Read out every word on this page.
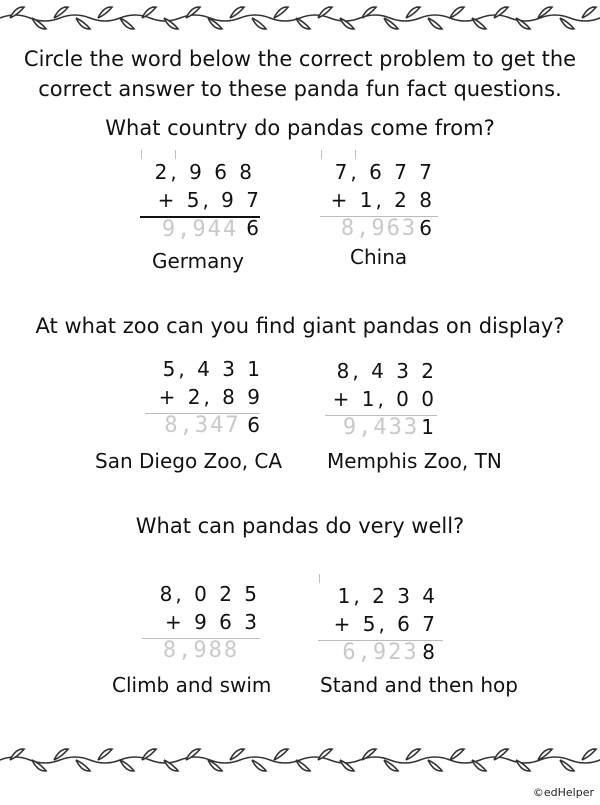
Circle the word below the correct problem to get the
correct answer to these panda fun fact questions.
What country do pandas come from?
| |
2, 9 6 8
+ 5, 9 7 6
9,944
Germany
| |
7, 6 7 7
+ 1, 2 8 6
8,963
China
At what zoo can you find giant pandas on display?
5, 4 3 1
+ 2, 8 9 6
8,347
San Diego Zoo, CA
8, 4 3 2
+ 1, 0 0 1
9,433
Memphis Zoo, TN
What can pandas do very well?
8, 0 2 5
+ 9 6 3
8,988
Climb and swim
|
1, 2 3 4
+ 5, 6 7 8
6,923
Stand and then hop
©edHelper
